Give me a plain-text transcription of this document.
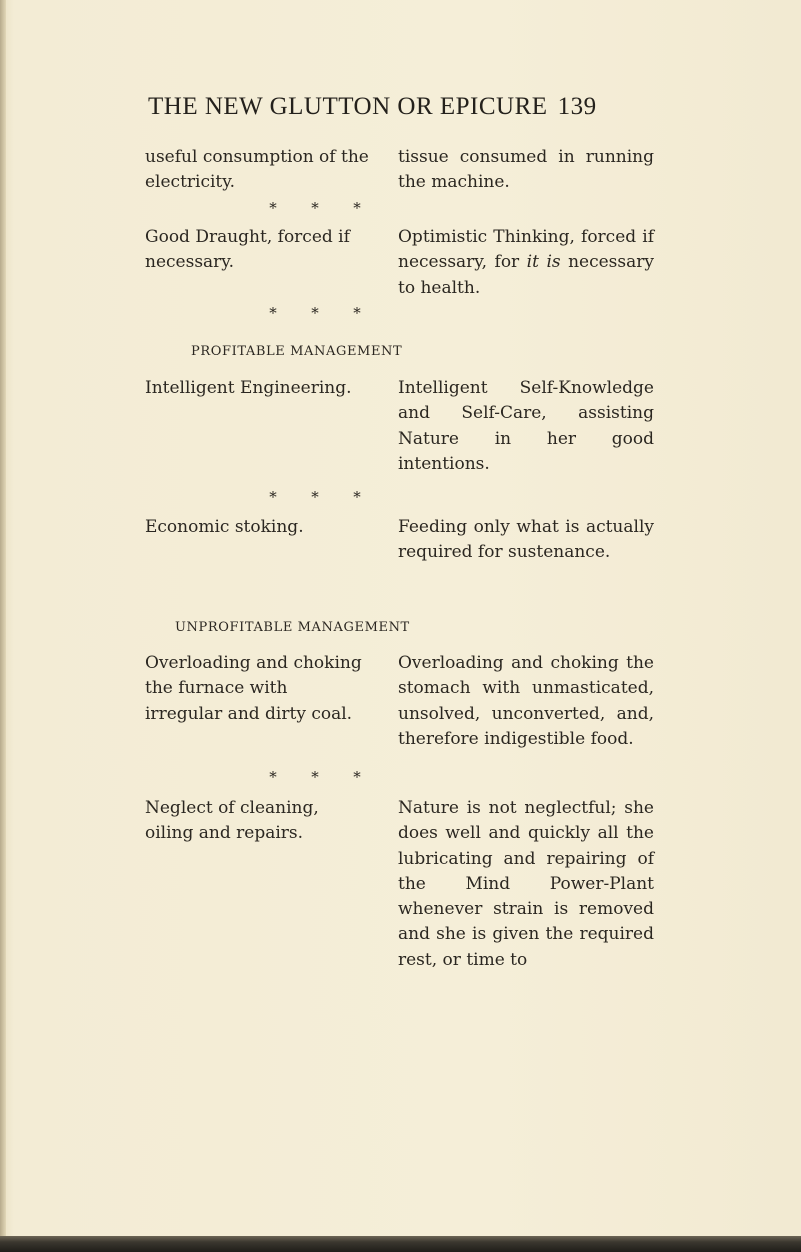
THE NEW GLUTTON OR EPICURE 139
useful consumption of the electricity.
tissue consumed in running the machine.
* * *
Good Draught, forced if necessary.
Optimistic Thinking, forced if necessary, for it is necessary to health.
* * *
PROFITABLE MANAGEMENT
Intelligent Engineering.	Intelligent Self-Knowledge and Self-Care, assisting Nature in her good intentions.
* * *
Economic stoking.	Feeding only what is actually required for sustenance.
UNPROFITABLE MANAGEMENT
Overloading and choking the furnace with irregular and dirty coal.
Overloading and choking the stomach with unmasticated, unsolved, unconverted, and, therefore indigestible food.
* * *
Neglect of cleaning, oiling and repairs.
Nature is not neglectful; she does well and quickly all the lubricating and repairing of the Mind Power-Plant whenever strain is removed and she is given the required rest, or time to
